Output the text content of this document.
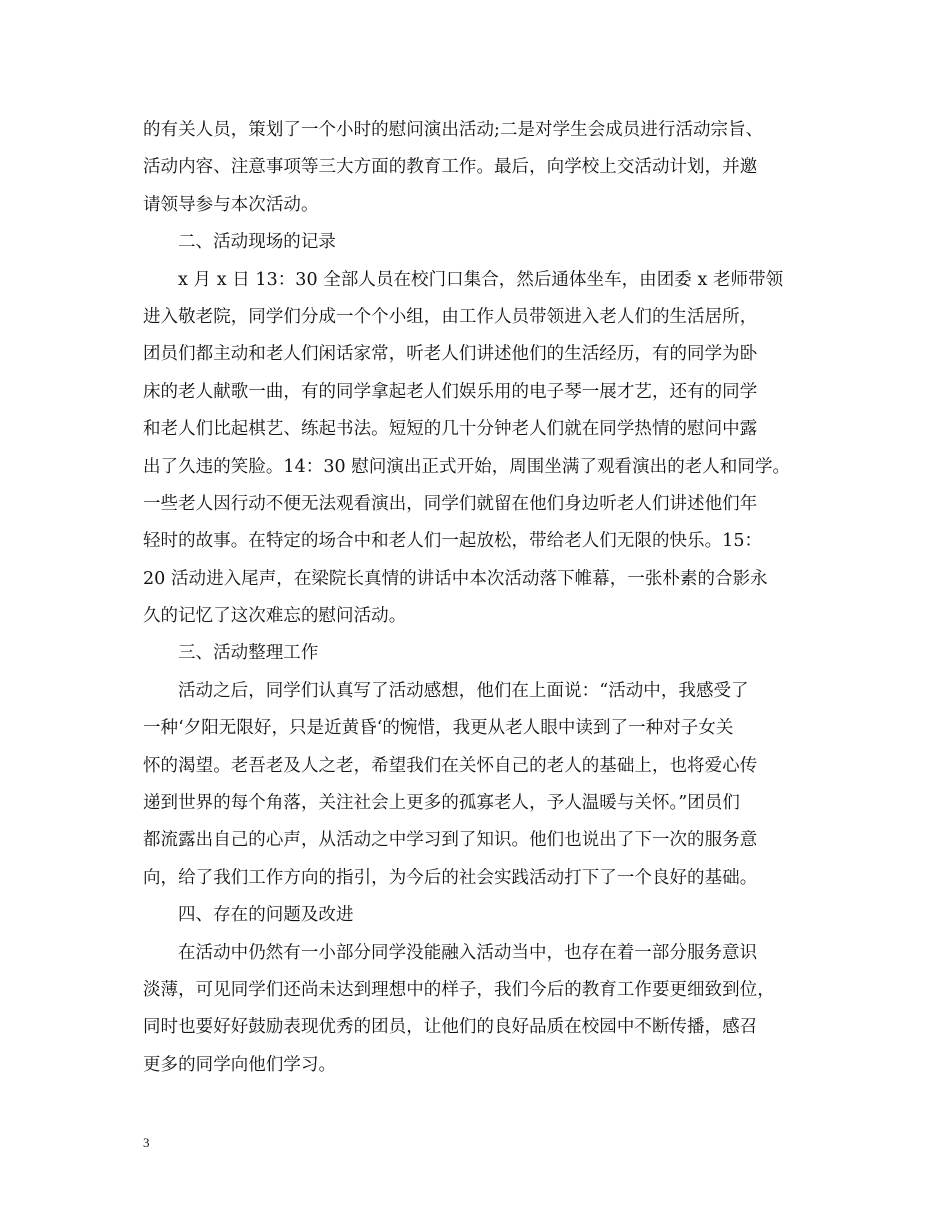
的有关人员，策划了一个小时的慰问演出活动;二是对学生会成员进行活动宗旨、
活动内容、注意事项等三大方面的教育工作。最后，向学校上交活动计划，并邀
请领导参与本次活动。
二、活动现场的记录
x 月 x 日 13：30 全部人员在校门口集合，然后通体坐车，由团委 x 老师带领
进入敬老院，同学们分成一个个小组，由工作人员带领进入老人们的生活居所，
团员们都主动和老人们闲话家常，听老人们讲述他们的生活经历，有的同学为卧
床的老人献歌一曲，有的同学拿起老人们娱乐用的电子琴一展才艺，还有的同学
和老人们比起棋艺、练起书法。短短的几十分钟老人们就在同学热情的慰问中露
出了久违的笑脸。14：30 慰问演出正式开始，周围坐满了观看演出的老人和同学。
一些老人因行动不便无法观看演出，同学们就留在他们身边听老人们讲述他们年
轻时的故事。在特定的场合中和老人们一起放松，带给老人们无限的快乐。15：
20 活动进入尾声，在梁院长真情的讲话中本次活动落下帷幕，一张朴素的合影永
久的记忆了这次难忘的慰问活动。
三、活动整理工作
活动之后，同学们认真写了活动感想，他们在上面说：“活动中，我感受了
一种‘夕阳无限好，只是近黄昏‘的惋惜，我更从老人眼中读到了一种对子女关
怀的渴望。老吾老及人之老，希望我们在关怀自己的老人的基础上，也将爱心传
递到世界的每个角落，关注社会上更多的孤寡老人，予人温暖与关怀。”团员们
都流露出自己的心声，从活动之中学习到了知识。他们也说出了下一次的服务意
向，给了我们工作方向的指引，为今后的社会实践活动打下了一个良好的基础。
四、存在的问题及改进
在活动中仍然有一小部分同学没能融入活动当中，也存在着一部分服务意识
淡薄，可见同学们还尚未达到理想中的样子，我们今后的教育工作要更细致到位，
同时也要好好鼓励表现优秀的团员，让他们的良好品质在校园中不断传播，感召
更多的同学向他们学习。
3
